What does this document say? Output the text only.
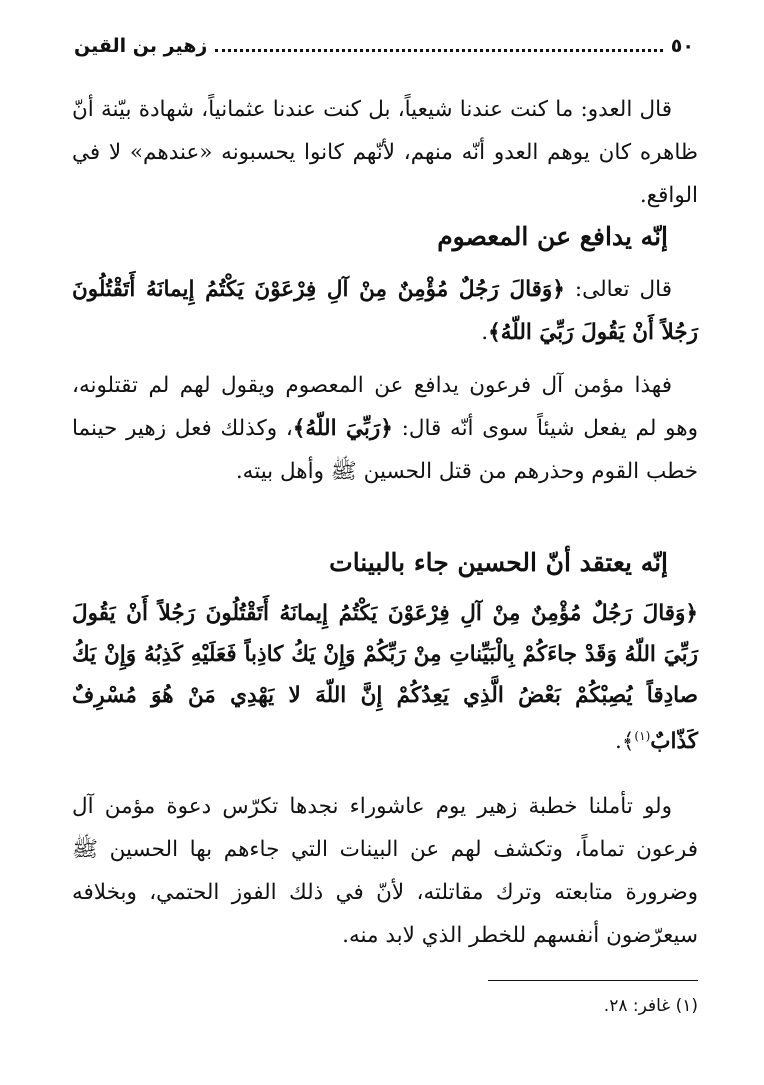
٥٠
زهير بن القين

قال العدو: ما كنت عندنا شيعياً، بل كنت عندنا عثمانياً، شهادة بيّنة أنّ ظاهره كان يوهم العدو أنّه منهم، لأنّهم كانوا يحسبونه «عندهم» لا في الواقع.

إنّه يدافع عن المعصوم

قال تعالى: ﴿وَقالَ رَجُلٌ مُؤْمِنٌ مِنْ آلِ فِرْعَوْنَ يَكْتُمُ إِيمانَهُ أَتَقْتُلُونَ رَجُلاً أَنْ يَقُولَ رَبِّيَ اللّهُ﴾.

فهذا مؤمن آل فرعون يدافع عن المعصوم ويقول لهم لم تقتلونه، وهو لم يفعل شيئاً سوى أنّه قال: ﴿رَبِّيَ اللّهُ﴾، وكذلك فعل زهير حينما خطب القوم وحذرهم من قتل الحسين ﷺ وأهل بيته.

إنّه يعتقد أنّ الحسين جاء بالبينات

﴿وَقالَ رَجُلٌ مُؤْمِنٌ مِنْ آلِ فِرْعَوْنَ يَكْتُمُ إِيمانَهُ أَتَقْتُلُونَ رَجُلاً أَنْ يَقُولَ رَبِّيَ اللّهُ وَقَدْ جاءَكُمْ بِالْبَيِّناتِ مِنْ رَبِّكُمْ وَإِنْ يَكُ كاذِباً فَعَلَيْهِ كَذِبُهُ وَإِنْ يَكُ صادِقاً يُصِبْكُمْ بَعْضُ الَّذِي يَعِدُكُمْ إِنَّ اللّهَ لا يَهْدِي مَنْ هُوَ مُسْرِفٌ كَذّابٌ$^{(١)}$﴾.

ولو تأملنا خطبة زهير يوم عاشوراء نجدها تكرّس دعوة مؤمن آل فرعون تماماً، وتكشف لهم عن البينات التي جاءهم بها الحسين ﷺ وضرورة متابعته وترك مقاتلته، لأنّ في ذلك الفوز الحتمي، وبخلافه سيعرّضون أنفسهم للخطر الذي لابد منه.

(١) غافر: ٢٨.
